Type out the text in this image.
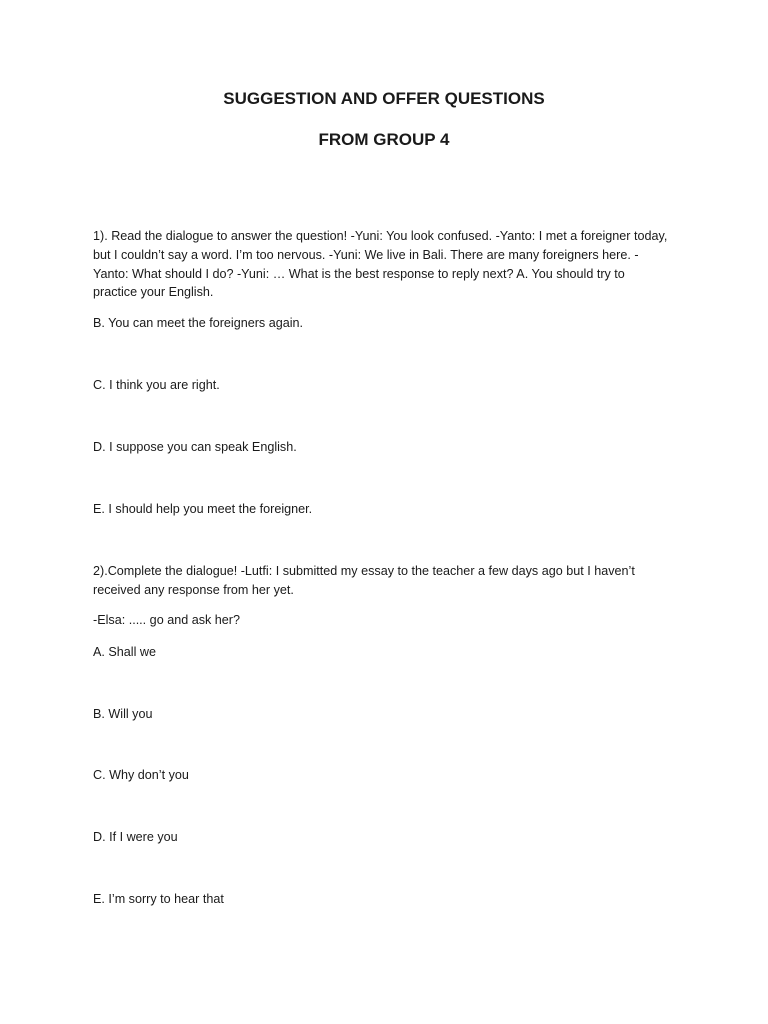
SUGGESTION AND OFFER QUESTIONS
FROM GROUP 4

1). Read the dialogue to answer the question! -Yuni: You look confused. -Yanto: I met a foreigner today, but I couldn’t say a word. I’m too nervous. -Yuni: We live in Bali. There are many foreigners here. -Yanto: What should I do? -Yuni: … What is the best response to reply next? A. You should try to practice your English.

B. You can meet the foreigners again.

C. I think you are right.

D. I suppose you can speak English.

E. I should help you meet the foreigner.

2).Complete the dialogue! -Lutfi: I submitted my essay to the teacher a few days ago but I haven’t received any response from her yet.

-Elsa: ..... go and ask her?

A. Shall we

B. Will you

C. Why don’t you

D. If I were you

E. I’m sorry to hear that
